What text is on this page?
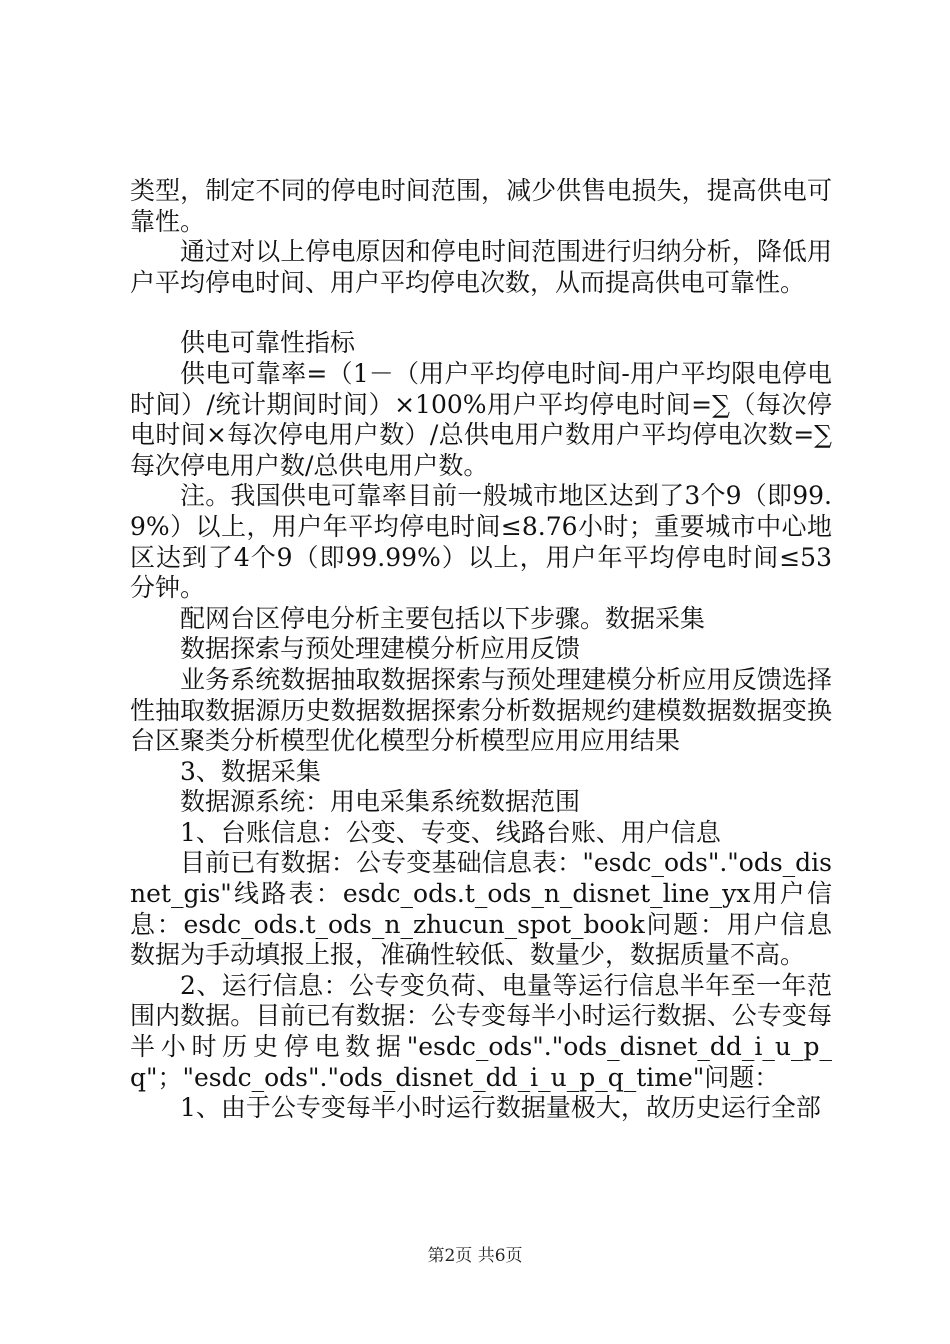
类型，制定不同的停电时间范围，减少供售电损失，提高供电可靠性。

通过对以上停电原因和停电时间范围进行归纳分析，降低用户平均停电时间、用户平均停电次数，从而提高供电可靠性。

供电可靠性指标

供电可靠率=（1－（用户平均停电时间-用户平均限电停电时间）/统计期间时间）×100%用户平均停电时间=∑（每次停电时间×每次停电用户数）/总供电用户数用户平均停电次数=∑每次停电用户数/总供电用户数。

注。我国供电可靠率目前一般城市地区达到了3个9（即99.9%）以上，用户年平均停电时间≤8.76小时；重要城市中心地区达到了4个9（即99.99%）以上，用户年平均停电时间≤53分钟。

配网台区停电分析主要包括以下步骤。数据采集

数据探索与预处理建模分析应用反馈

业务系统数据抽取数据探索与预处理建模分析应用反馈选择性抽取数据源历史数据数据探索分析数据规约建模数据数据变换台区聚类分析模型优化模型分析模型应用应用结果

3、数据采集

数据源系统：用电采集系统数据范围

1、台账信息：公变、专变、线路台账、用户信息

目前已有数据：公专变基础信息表："esdc_ods"."ods_disnet_gis"线路表：esdc_ods.t_ods_n_disnet_line_yx用户信息：esdc_ods.t_ods_n_zhucun_spot_book问题：用户信息数据为手动填报上报，准确性较低、数量少，数据质量不高。

2、运行信息：公专变负荷、电量等运行信息半年至一年范围内数据。目前已有数据：公专变每半小时运行数据、公专变每半小时历史停电数据"esdc_ods"."ods_disnet_dd_i_u_p_q"；"esdc_ods"."ods_disnet_dd_i_u_p_q_time"问题：

1、由于公专变每半小时运行数据量极大，故历史运行全部

第2页 共6页
